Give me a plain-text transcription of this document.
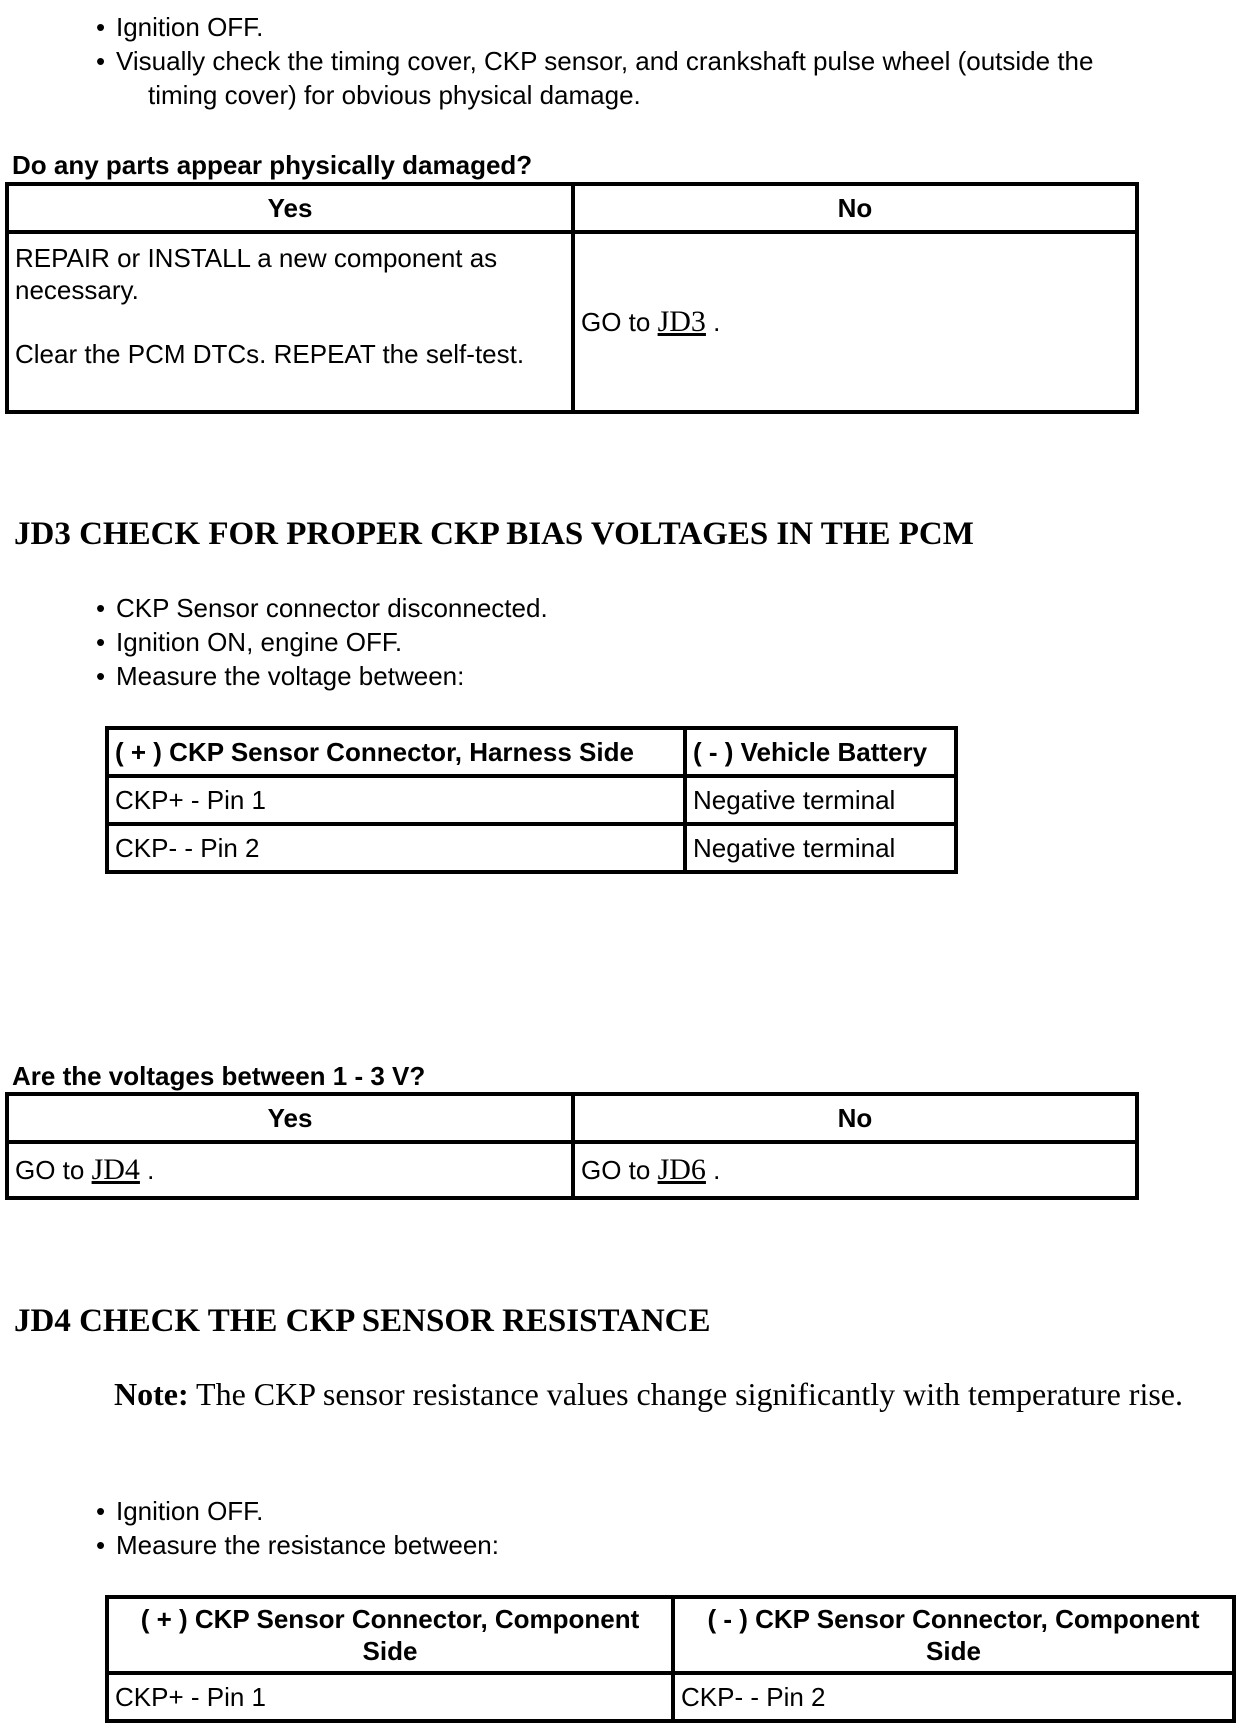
• Ignition OFF.
• Visually check the timing cover, CKP sensor, and crankshaft pulse wheel (outside the
timing cover) for obvious physical damage.
Do any parts appear physically damaged?
Yes	No

REPAIR or INSTALL a new component as necessary.

Clear the PCM DTCs. REPEAT the self-test.	GO to JD3 .
JD3 CHECK FOR PROPER CKP BIAS VOLTAGES IN THE PCM
• CKP Sensor connector disconnected.
• Ignition ON, engine OFF.
• Measure the voltage between:
( + ) CKP Sensor Connector, Harness Side	( - ) Vehicle Battery
CKP+ - Pin 1	Negative terminal
CKP- - Pin 2	Negative terminal
Are the voltages between 1 - 3 V?
Yes	No
GO to JD4 .	GO to JD6 .
JD4 CHECK THE CKP SENSOR RESISTANCE
Note: The CKP sensor resistance values change significantly with temperature rise.
• Ignition OFF.
• Measure the resistance between:
( + ) CKP Sensor Connector, Component Side	( - ) CKP Sensor Connector, Component Side
CKP+ - Pin 1	CKP- - Pin 2
